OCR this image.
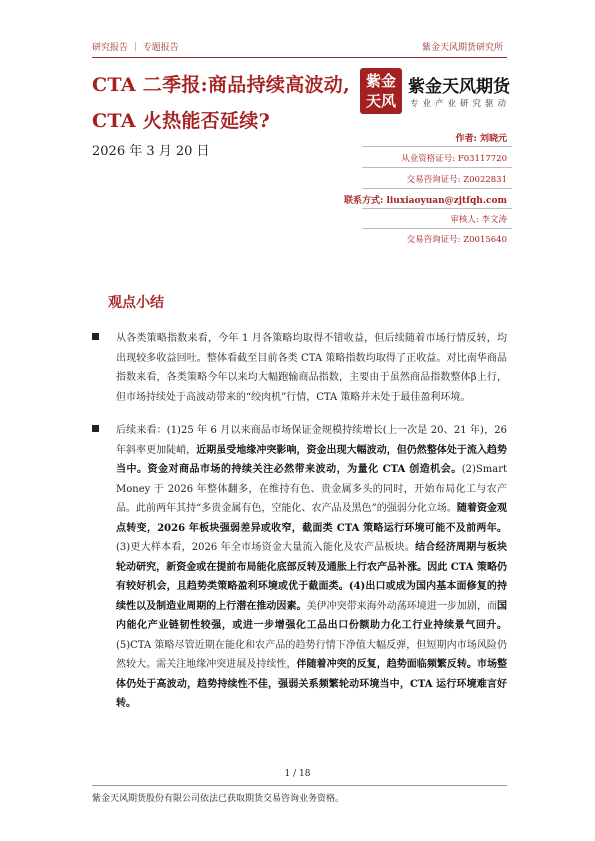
研究报告 ｜ 专题报告	紫金天风期货研究所
CTA 二季报:商品持续高波动,
CTA 火热能否延续?
2026 年 3 月 20 日
紫金
天风
紫金天风期货
专业产业研究驱动
作者: 刘晓元
从业资格证号: F03117720
交易咨询证号: Z0022831
联系方式: liuxiaoyuan@zjtfqh.com
审核人: 李文涛
交易咨询证号: Z0015640
观点小结
从各类策略指数来看，今年 1 月各策略均取得不错收益，但后续随着市场行情反转，均出现较多收益回吐。整体看截至目前各类 CTA 策略指数均取得了正收益。对比南华商品指数来看，各类策略今年以来均大幅跑输商品指数，主要由于虽然商品指数整体β上行，但市场持续处于高波动带来的“绞肉机”行情，CTA 策略并未处于最佳盈利环境。
后续来看：(1)25 年 6 月以来商品市场保证金规模持续增长(上一次是 20、21 年)，26 年斜率更加陡峭，近期虽受地缘冲突影响，资金出现大幅波动，但仍然整体处于流入趋势当中。资金对商品市场的持续关注必然带来波动，为量化 CTA 创造机会。(2)Smart Money 于 2026 年整体翻多，在维持有色、贵金属多头的同时，开始布局化工与农产品。此前两年其持“多贵金属有色，空能化、农产品及黑色”的强弱分化立场。随着资金观点转变，2026 年板块强弱差异或收窄，截面类 CTA 策略运行环境可能不及前两年。(3)更大样本看，2026 年全市场资金大量流入能化及农产品板块。结合经济周期与板块轮动研究，新资金或在提前布局能化底部反转及通胀上行农产品补涨。因此 CTA 策略仍有较好机会，且趋势类策略盈利环境或优于截面类。(4)出口或成为国内基本面修复的持续性以及制造业周期的上行潜在推动因素。美伊冲突带来海外动荡环境进一步加剧，而国内能化产业链韧性较强，或进一步增强化工品出口份额助力化工行业持续景气回升。(5)CTA 策略尽管近期在能化和农产品的趋势行情下净值大幅反弹，但短期内市场风险仍然较大。需关注地缘冲突进展及持续性，伴随着冲突的反复，趋势面临频繁反转。市场整体仍处于高波动，趋势持续性不佳，强弱关系频繁轮动环境当中，CTA 运行环境难言好转。
1 / 18
紫金天风期货股份有限公司依法已获取期货交易咨询业务资格。
